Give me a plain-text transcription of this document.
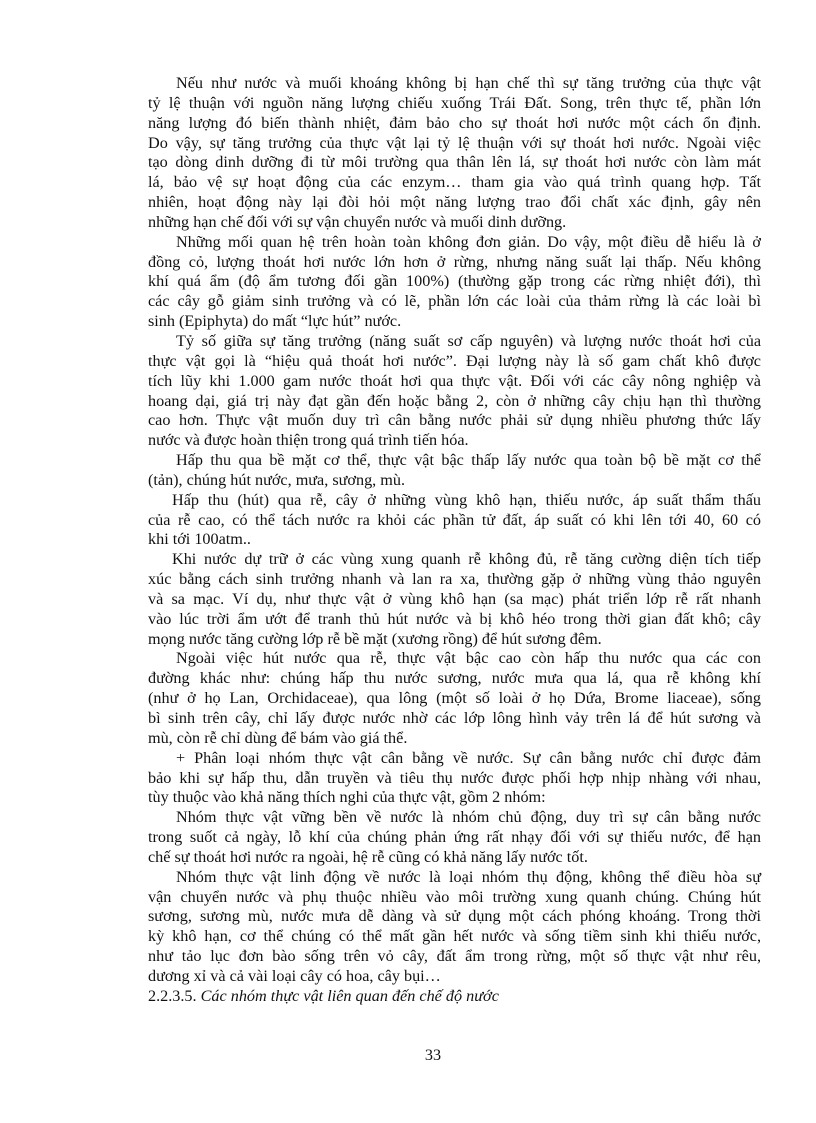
Nếu như nước và muối khoáng không bị hạn chế thì sự tăng trưởng của thực vật
tỷ lệ thuận với nguồn năng lượng chiếu xuống Trái Đất. Song, trên thực tế, phần lớn
năng lượng đó biến thành nhiệt, đảm bảo cho sự thoát hơi nước một cách ổn định.
Do vậy, sự tăng trưởng của thực vật lại tỷ lệ thuận với sự thoát hơi nước. Ngoài việc
tạo dòng dinh dưỡng đi từ môi trường qua thân lên lá, sự thoát hơi nước còn làm mát
lá, bảo vệ sự hoạt động của các enzym… tham gia vào quá trình quang hợp. Tất
nhiên, hoạt động này lại đòi hỏi một năng lượng trao đổi chất xác định, gây nên
những hạn chế đối với sự vận chuyển nước và muối dinh dưỡng.
Những mối quan hệ trên hoàn toàn không đơn giản. Do vậy, một điều dễ hiểu là ở
đồng cỏ, lượng thoát hơi nước lớn hơn ở rừng, nhưng năng suất lại thấp. Nếu không
khí quá ẩm (độ ẩm tương đối gần 100%) (thường gặp trong các rừng nhiệt đới), thì
các cây gỗ giảm sinh trưởng và có lẽ, phần lớn các loài của thảm rừng là các loài bì
sinh (Epiphyta) do mất “lực hút” nước.
Tỷ số giữa sự tăng trưởng (năng suất sơ cấp nguyên) và lượng nước thoát hơi của
thực vật gọi là “hiệu quả thoát hơi nước”. Đại lượng này là số gam chất khô được
tích lũy khi 1.000 gam nước thoát hơi qua thực vật. Đối với các cây nông nghiệp và
hoang dại, giá trị này đạt gần đến hoặc bằng 2, còn ở những cây chịu hạn thì thường
cao hơn. Thực vật muốn duy trì cân bằng nước phải sử dụng nhiều phương thức lấy
nước và được hoàn thiện trong quá trình tiến hóa.
Hấp thu qua bề mặt cơ thể, thực vật bậc thấp lấy nước qua toàn bộ bề mặt cơ thể
(tản), chúng hút nước, mưa, sương, mù.
Hấp thu (hút) qua rễ, cây ở những vùng khô hạn, thiếu nước, áp suất thẩm thấu
của rễ cao, có thể tách nước ra khỏi các phần tử đất, áp suất có khi lên tới 40, 60 có
khi tới 100atm..
Khi nước dự trữ ở các vùng xung quanh rễ không đủ, rễ tăng cường diện tích tiếp
xúc bằng cách sinh trưởng nhanh và lan ra xa, thường gặp ở những vùng thảo nguyên
và sa mạc. Ví dụ, như thực vật ở vùng khô hạn (sa mạc) phát triển lớp rễ rất nhanh
vào lúc trời ẩm ướt để tranh thủ hút nước và bị khô héo trong thời gian đất khô; cây
mọng nước tăng cường lớp rễ bề mặt (xương rồng) để hút sương đêm.
Ngoài việc hút nước qua rễ, thực vật bậc cao còn hấp thu nước qua các con
đường khác như: chúng hấp thu nước sương, nước mưa qua lá, qua rễ không khí
(như ở họ Lan, Orchidaceae), qua lông (một số loài ở họ Dứa, Brome liaceae), sống
bì sinh trên cây, chỉ lấy được nước nhờ các lớp lông hình vảy trên lá để hút sương và
mù, còn rễ chỉ dùng để bám vào giá thể.
+ Phân loại nhóm thực vật cân bằng về nước. Sự cân bằng nước chỉ được đảm
bảo khi sự hấp thu, dẫn truyền và tiêu thụ nước được phối hợp nhịp nhàng với nhau,
tùy thuộc vào khả năng thích nghi của thực vật, gồm 2 nhóm:
Nhóm thực vật vững bền về nước là nhóm chủ động, duy trì sự cân bằng nước
trong suốt cả ngày, lỗ khí của chúng phản ứng rất nhạy đối với sự thiếu nước, để hạn
chế sự thoát hơi nước ra ngoài, hệ rễ cũng có khả năng lấy nước tốt.
Nhóm thực vật linh động về nước là loại nhóm thụ động, không thể điều hòa sự
vận chuyển nước và phụ thuộc nhiều vào môi trường xung quanh chúng. Chúng hút
sương, sương mù, nước mưa dễ dàng và sử dụng một cách phóng khoáng. Trong thời
kỳ khô hạn, cơ thể chúng có thể mất gần hết nước và sống tiềm sinh khi thiếu nước,
như tảo lục đơn bào sống trên vỏ cây, đất ẩm trong rừng, một số thực vật như rêu,
dương xỉ và cả vài loại cây có hoa, cây bụi…
2.2.3.5. Các nhóm thực vật liên quan đến chế độ nước
33
